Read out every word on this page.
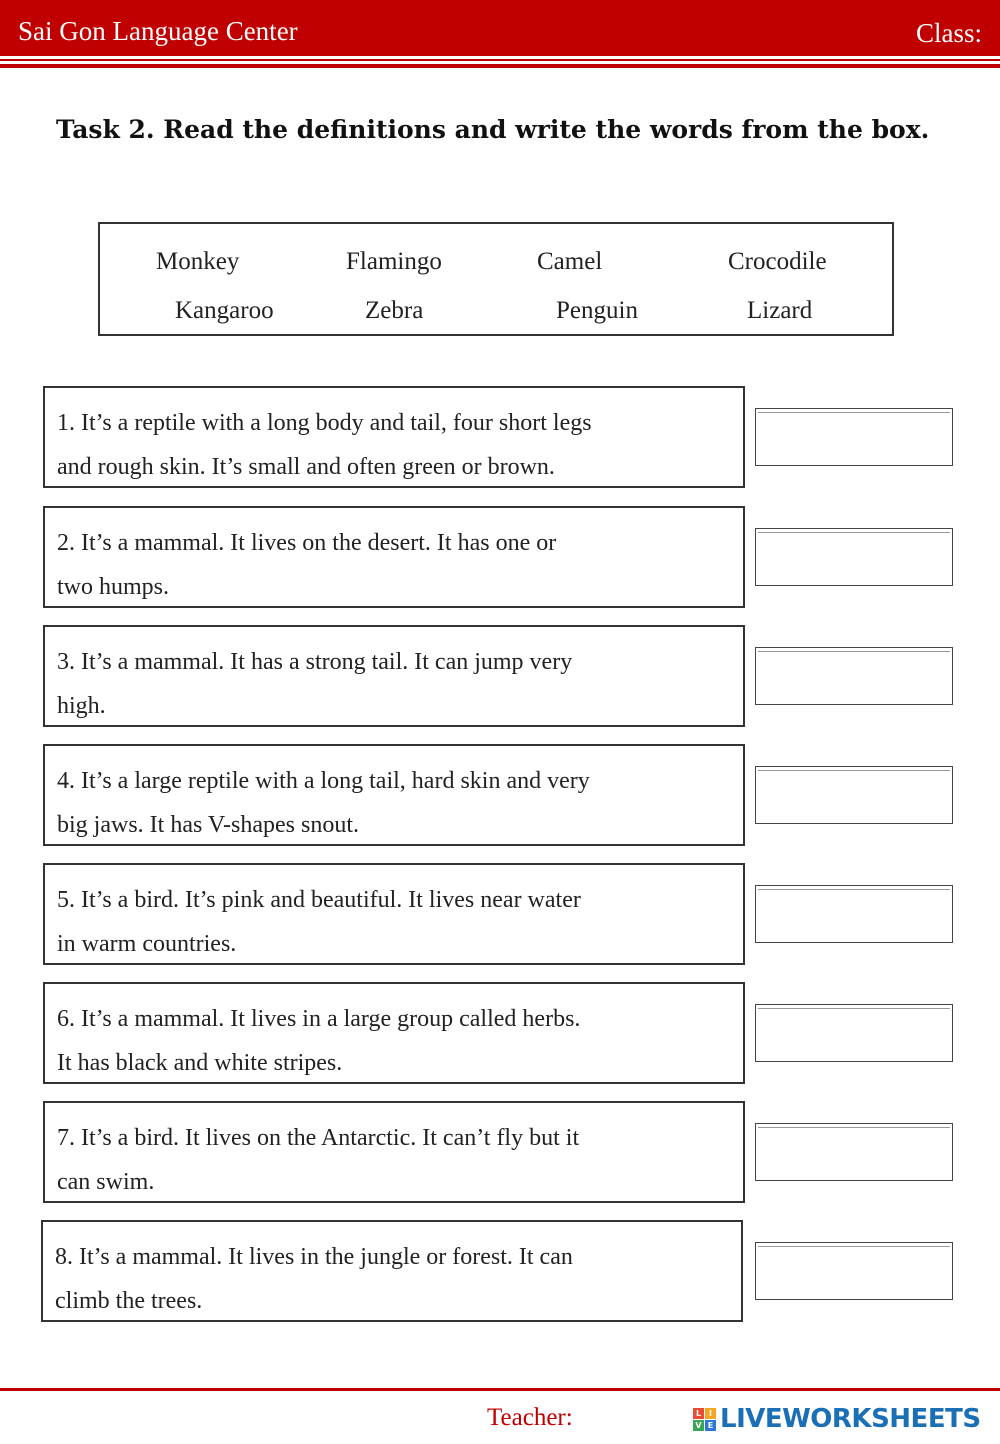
Sai Gon Language Center	Class:
Task 2. Read the definitions and write the words from the box.
Monkey	Flamingo	Camel	Crocodile
Kangaroo	Zebra	Penguin	Lizard
1. It’s a reptile with a long body and tail, four short legs
and rough skin. It’s small and often green or brown.
2. It’s a mammal. It lives on the desert. It has one or
two humps.
3. It’s a mammal. It has a strong tail. It can jump very
high.
4. It’s a large reptile with a long tail, hard skin and very
big jaws. It has V-shapes snout.
5. It’s a bird. It’s pink and beautiful. It lives near water
in warm countries.
6. It’s a mammal. It lives in a large group called herbs.
It has black and white stripes.
7. It’s a bird. It lives on the Antarctic. It can’t fly but it
can swim.
8. It’s a mammal. It lives in the jungle or forest. It can
climb the trees.
Teacher:	L I
V E LIVEWORKSHEETS
